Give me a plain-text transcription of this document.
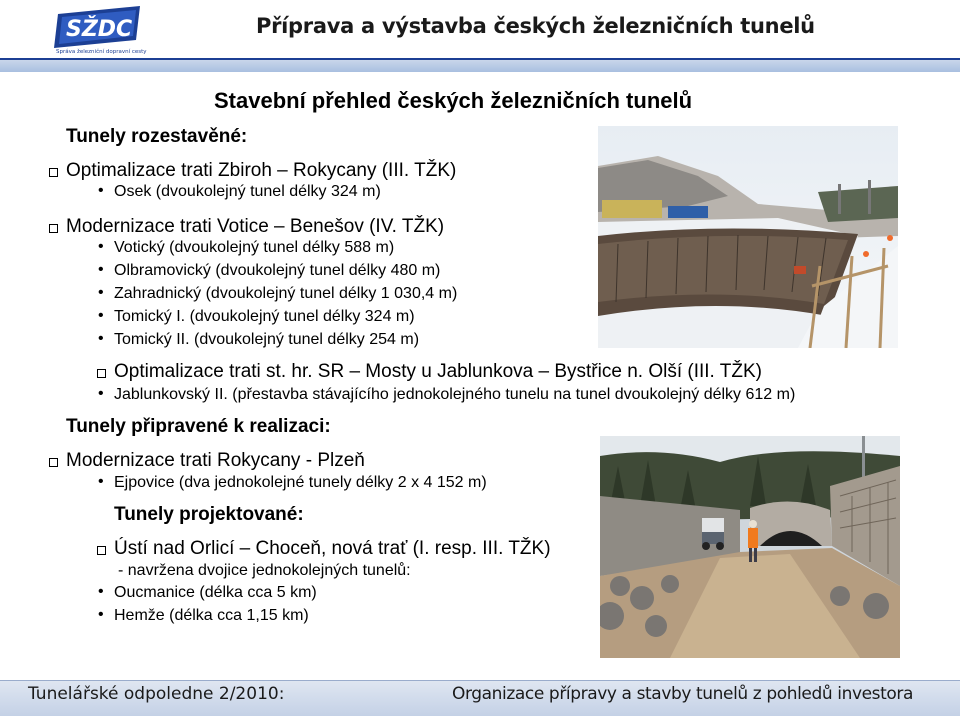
SŽDC
Správa železniční dopravní cesty
Příprava a výstavba českých železničních tunelů
Stavební přehled českých železničních tunelů
Tunely rozestavěné:
Optimalizace trati Zbiroh – Rokycany (III. TŽK)
• Osek (dvoukolejný tunel délky 324 m)
Modernizace trati Votice – Benešov (IV. TŽK)
• Votický (dvoukolejný tunel délky 588 m)
• Olbramovický (dvoukolejný tunel délky 480 m)
• Zahradnický (dvoukolejný tunel délky 1 030,4 m)
• Tomický I. (dvoukolejný tunel délky 324 m)
• Tomický II. (dvoukolejný tunel délky 254 m)
Optimalizace trati st. hr. SR – Mosty u Jablunkova – Bystřice n. Olší (III. TŽK)
• Jablunkovský II. (přestavba stávajícího jednokolejného tunelu na tunel dvoukolejný délky 612 m)
Tunely připravené k realizaci:
Modernizace trati Rokycany - Plzeň
• Ejpovice (dva jednokolejné tunely délky 2 x 4 152 m)
Tunely projektované:
Ústí nad Orlicí – Choceň, nová trať (I. resp. III. TŽK)
- navržena dvojice jednokolejných tunelů:
• Oucmanice (délka cca 5 km)
• Hemže (délka cca 1,15 km)
Tunelářské odpoledne 2/2010:	Organizace přípravy a stavby tunelů z pohledů investora
